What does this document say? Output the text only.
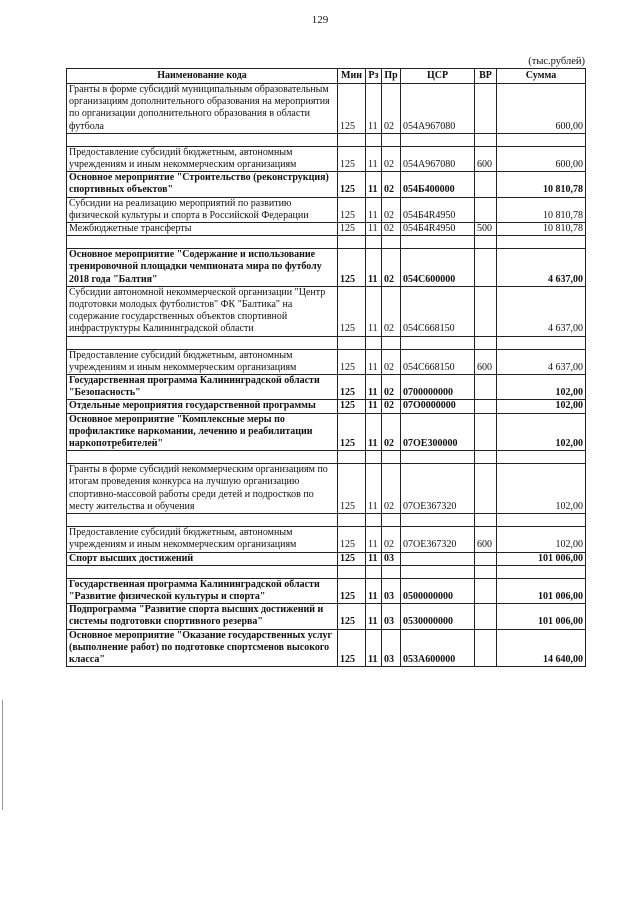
129
(тыс.рублей)
Наименование кода	Мин	Рз	Пр	ЦСР	ВР	Сумма
Гранты в форме субсидий муниципальным образовательным организациям дополнительного образования на мероприятия по организации дополнительного образования в области футбола	125	11	02	054А967080		600,00

Предоставление субсидий бюджетным, автономным учреждениям и иным некоммерческим организациям	125	11	02	054А967080	600	600,00
Основное мероприятие "Строительство (реконструкция) спортивных объектов"	125	11	02	054Б400000		10 810,78
Субсидии на реализацию мероприятий по развитию физической культуры и спорта в Российской Федерации	125	11	02	054Б4R4950		10 810,78
Межбюджетные трансферты	125	11	02	054Б4R4950	500	10 810,78

Основное мероприятие "Содержание и использование тренировочной площадки чемпионата мира по футболу 2018 года "Балтия"	125	11	02	054С600000		4 637,00
Субсидии автономной некоммерческой организации "Центр подготовки молодых футболистов" ФК "Балтика" на содержание государственных объектов спортивной инфраструктуры Калининградской области	125	11	02	054С668150		4 637,00

Предоставление субсидий бюджетным, автономным учреждениям и иным некоммерческим организациям	125	11	02	054С668150	600	4 637,00
Государственная программа Калининградской области "Безопасность"	125	11	02	0700000000		102,00
Отдельные мероприятия государственной программы	125	11	02	07О0000000		102,00
Основное мероприятие "Комплексные меры по профилактике наркомании, лечению и реабилитации наркопотребителей"	125	11	02	07ОЕ300000		102,00

Гранты в форме субсидий некоммерческим организациям по итогам проведения конкурса на лучшую организацию спортивно-массовой работы среди детей и подростков по месту жительства и обучения	125	11	02	07ОЕ367320		102,00

Предоставление субсидий бюджетным, автономным учреждениям и иным некоммерческим организациям	125	11	02	07ОЕ367320	600	102,00
Спорт высших достижений	125	11	03			101 006,00

Государственная программа Калининградской области "Развитие физической культуры и спорта"	125	11	03	0500000000		101 006,00
Подпрограмма "Развитие спорта высших достижений и системы подготовки спортивного резерва"	125	11	03	0530000000		101 006,00
Основное мероприятие "Оказание государственных услуг (выполнение работ) по подготовке спортсменов высокого класса"	125	11	03	053А600000		14 640,00
